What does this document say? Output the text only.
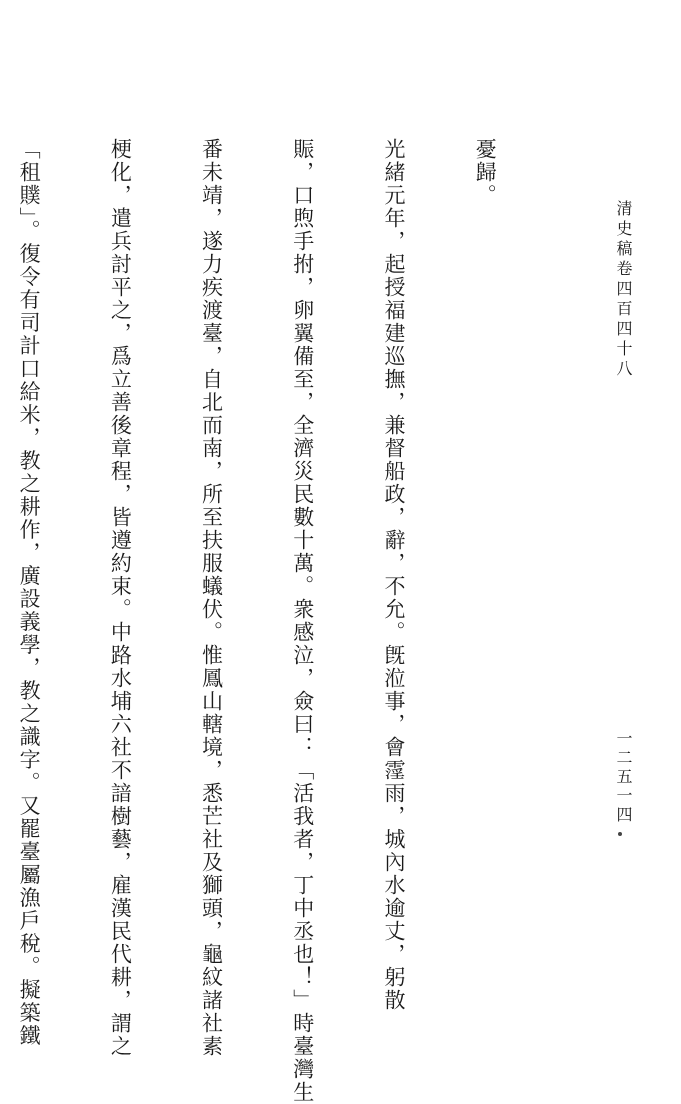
清史稿卷四百四十八
一二五一四

憂歸。

光緒元年，起授福建巡撫，兼督船政，辭，不允。旣涖事，會霪雨，城內水逾丈，躬散

賑，口煦手拊，卵翼備至，全濟災民數十萬。衆感泣，僉曰：「活我者，丁中丞也！」時臺灣生

番未靖，遂力疾渡臺，自北而南，所至扶服蟻伏。惟鳳山轄境，悉芒社及獅頭，龜紋諸社素

梗化，遣兵討平之，爲立善後章程，皆遵約束。中路水埔六社不諳樹藝，雇漢民代耕，謂之

「租贌」。復令有司計口給米，教之耕作，廣設義學，教之識字。又罷臺屬漁戶稅。擬築鐵
